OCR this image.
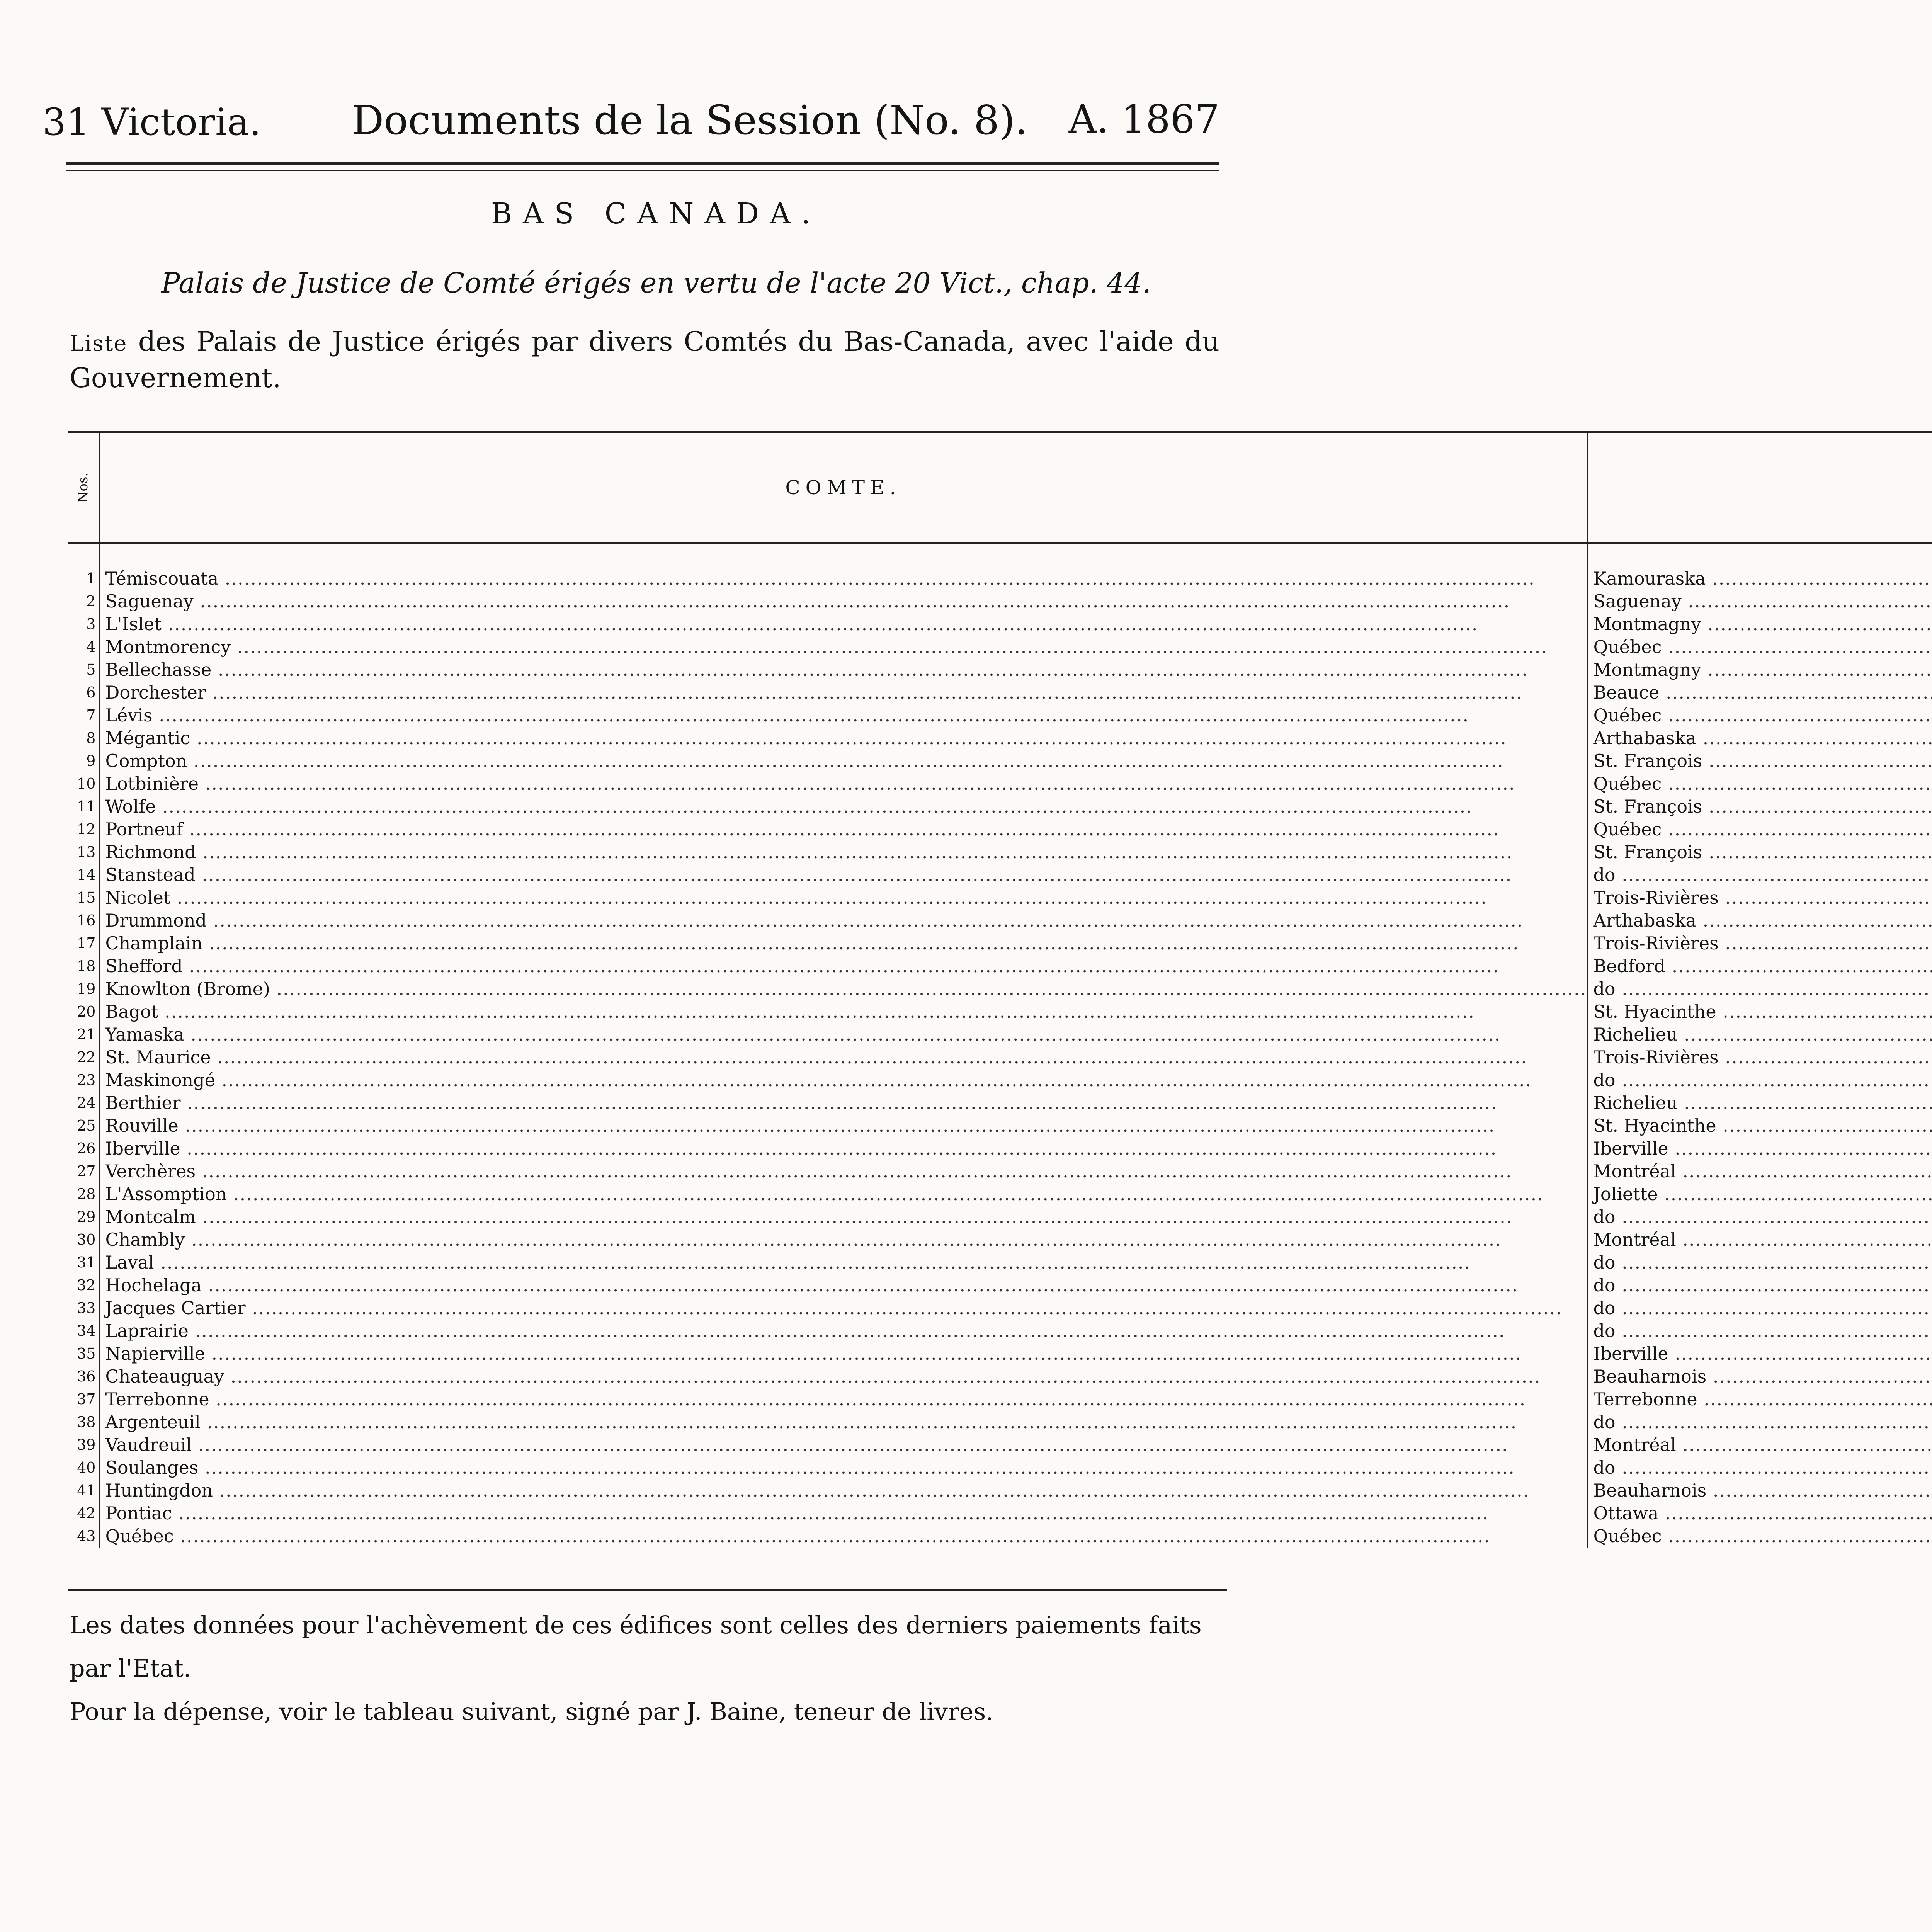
31 Victoria. Documents de la Session (No. 8). A. 1867
BAS CANADA.
Palais de Justice de Comté érigés en vertu de l'acte 20 Vict., chap. 44.
Liste des Palais de Justice érigés par divers Comtés du Bas-Canada, avec l'aide du Gouvernement.
Nos.	COMTE.		
1	Témiscouata .....	Kamouraska .....	
2	Saguenay .....	Saguenay .....	
3	L'Islet .....	Montmagny .....	
4	Montmorency .....	Québec .....	
5	Bellechasse .....	Montmagny .....	
6	Dorchester .....	Beauce .....	
7	Lévis .....	Québec .....	
8	Mégantic .....	Arthabaska .....	
9	Compton .....	St. François .....	
10	Lotbinière .....	Québec .....	
11	Wolfe .....	St. François .....	
12	Portneuf .....	Québec .....	
13	Richmond .....	St. François .....	
14	Stanstead .....	do .....	
15	Nicolet .....	Trois-Rivières .....	
16	Drummond .....	Arthabaska .....	
17	Champlain .....	Trois-Rivières .....	
18	Shefford .....	Bedford .....	
19	Knowlton (Brome) .....	do .....	
20	Bagot .....	St. Hyacinthe .....	
21	Yamaska .....	Richelieu .....	
22	St. Maurice .....	Trois-Rivières .....	
23	Maskinongé .....	do .....	
24	Berthier .....	Richelieu .....	
25	Rouville .....	St. Hyacinthe .....	
26	Iberville .....	Iberville .....	
27	Verchères .....	Montréal .....	
28	L'Assomption .....	Joliette .....	
29	Montcalm .....	do .....	
30	Chambly .....	Montréal .....	
31	Laval .....	do .....	
32	Hochelaga .....	do .....	
33	Jacques Cartier .....	do .....	
34	Laprairie .....	do .....	
35	Napierville .....	Iberville .....	
36	Chateauguay .....	Beauharnois .....	
37	Terrebonne .....	Terrebonne .....	
38	Argenteuil .....	do .....	
39	Vaudreuil .....	Montréal .....	
40	Soulanges .....	do .....	
41	Huntingdon .....	Beauharnois .....	
42	Pontiac .....	Ottawa .....	
43	Québec .....	Québec .....	

Les dates données pour l'achèvement de ces édifices sont celles des derniers paiements faits par l'Etat.

Pour la dépense, voir le tableau suivant, signé par J. Baine, teneur de livres.
